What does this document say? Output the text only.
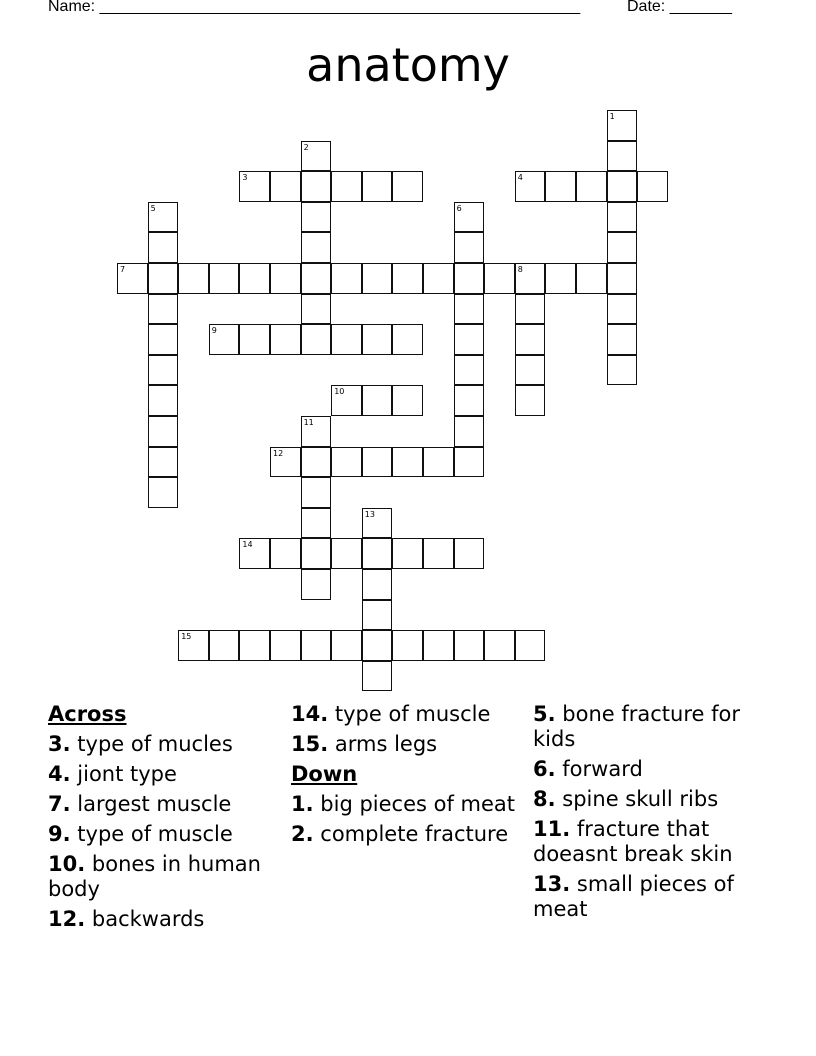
Name: ______________________________________________________	Date: _______
anatomy
1
2
3	4
5	6
7	8
9
10
11
12
13
14
15
Across
3. type of mucles
4. jiont type
7. largest muscle
9. type of muscle
10. bones in human body
12. backwards
14. type of muscle
15. arms legs
Down
1. big pieces of meat
2. complete fracture
5. bone fracture for kids
6. forward
8. spine skull ribs
11. fracture that doeasnt break skin
13. small pieces of meat
